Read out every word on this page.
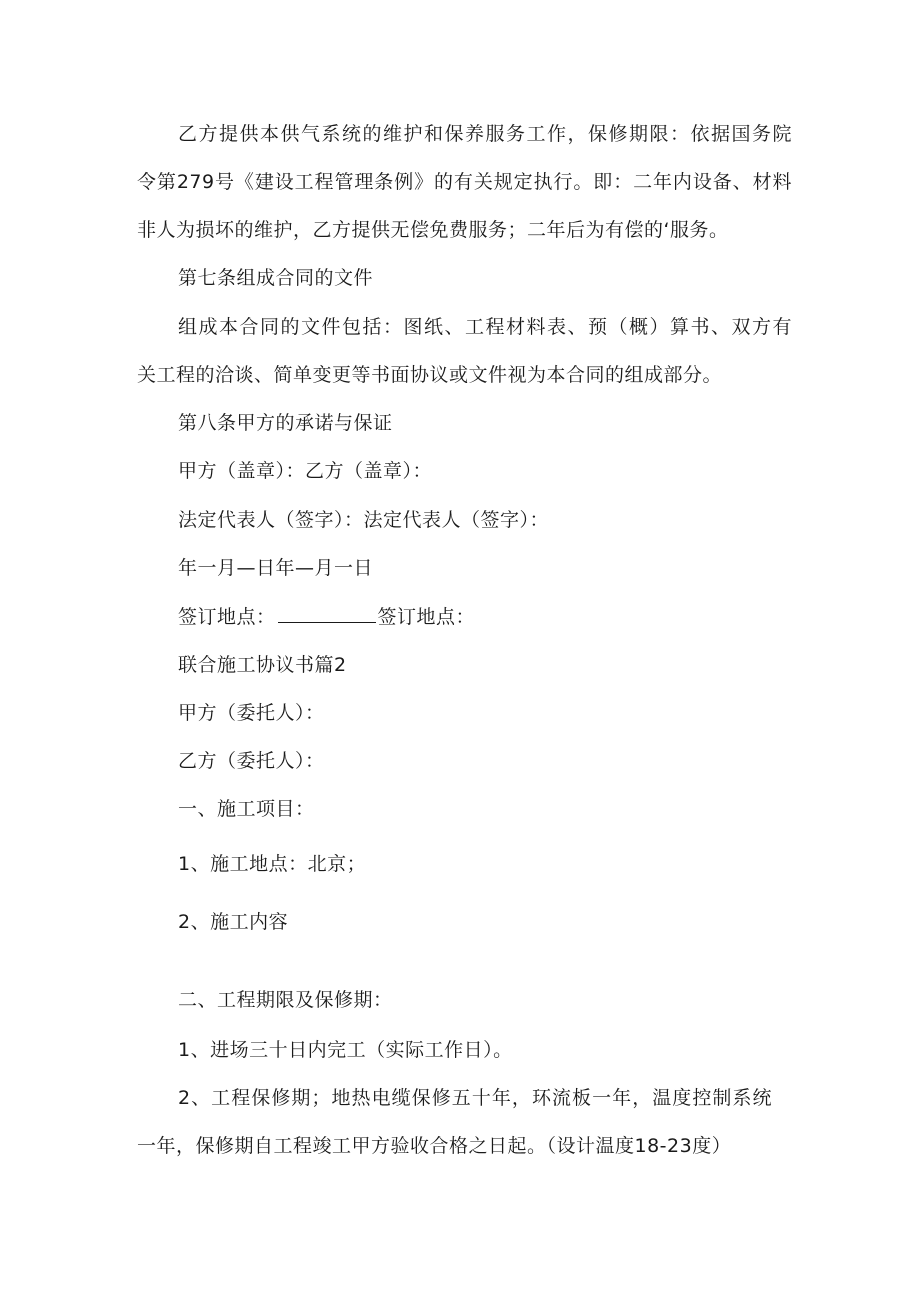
乙方提供本供气系统的维护和保养服务工作，保修期限：依据国务院
令第279号《建设工程管理条例》的有关规定执行。即：二年内设备、材料
非人为损坏的维护，乙方提供无偿免费服务；二年后为有偿的‘服务。
第七条组成合同的文件
组成本合同的文件包括：图纸、工程材料表、预（概）算书、双方有
关工程的洽谈、简单变更等书面协议或文件视为本合同的组成部分。
第八条甲方的承诺与保证
甲方（盖章）：乙方（盖章）：
法定代表人（签字）：法定代表人（签字）：
年一月—日年—月一日
签订地点：	签订地点：
联合施工协议书篇2
甲方（委托人）：
乙方（委托人）：
一、施工项目：
1、施工地点：北京；
2、施工内容
二、工程期限及保修期：
1、进场三十日内完工（实际工作日）。
2、工程保修期；地热电缆保修五十年，环流板一年，温度控制系统
一年，保修期自工程竣工甲方验收合格之日起。（设计温度18-23度）
